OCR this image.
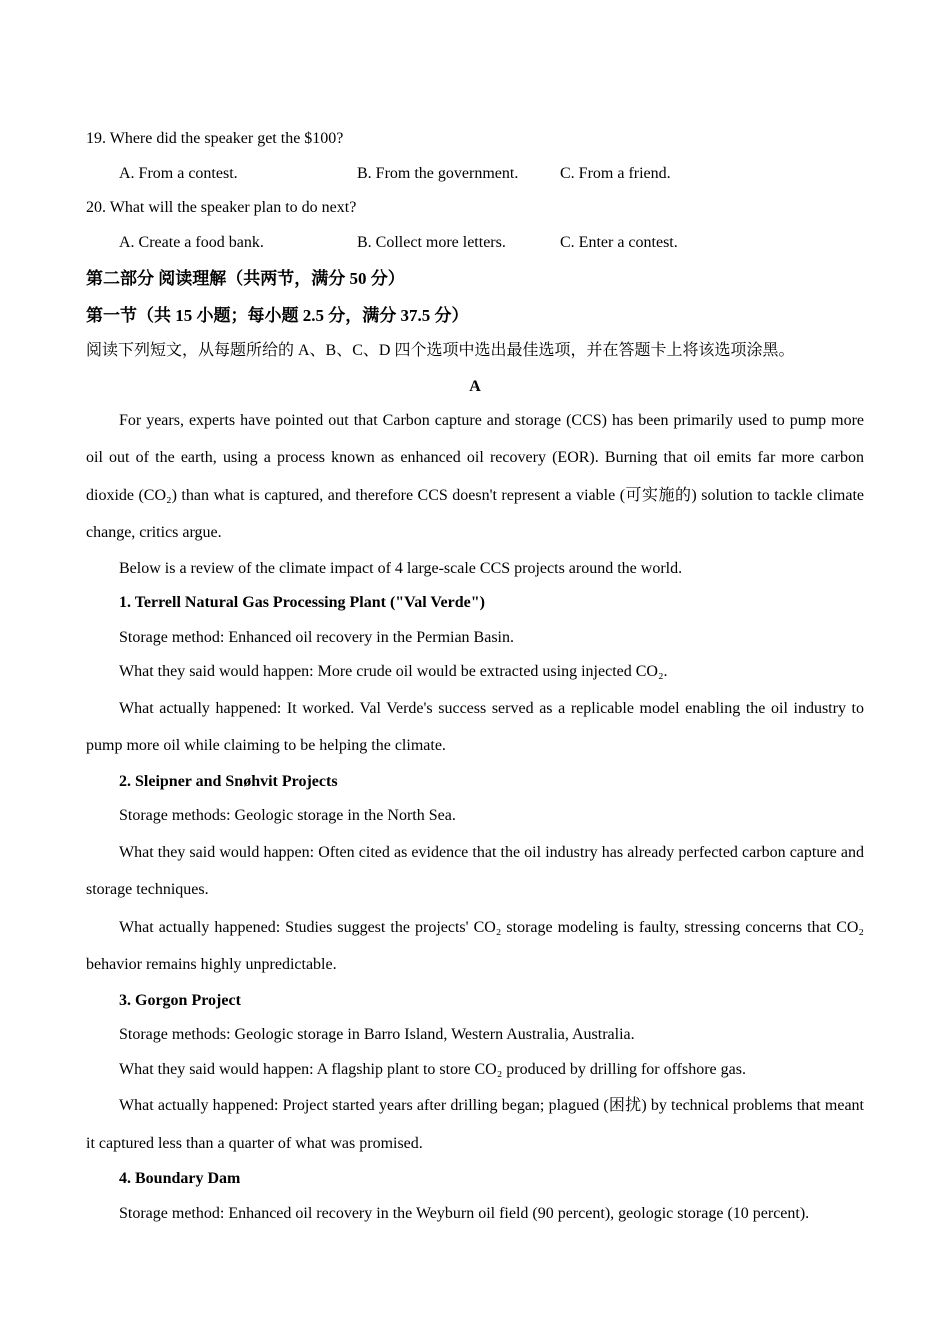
19. Where did the speaker get the $100?

A. From a contest.	B. From the government.	C. From a friend.

20. What will the speaker plan to do next?

A. Create a food bank.	B. Collect more letters.	C. Enter a contest.

第二部分 阅读理解（共两节，满分 50 分）

第一节（共 15 小题；每小题 2.5 分，满分 37.5 分）

阅读下列短文，从每题所给的 A、B、C、D 四个选项中选出最佳选项，并在答题卡上将该选项涂黑。

A

For years, experts have pointed out that Carbon capture and storage (CCS) has been primarily used to pump more oil out of the earth, using a process known as enhanced oil recovery (EOR). Burning that oil emits far more carbon dioxide (CO₂) than what is captured, and therefore CCS doesn't represent a viable (可实施的) solution to tackle climate change, critics argue.

Below is a review of the climate impact of 4 large-scale CCS projects around the world.

1. Terrell Natural Gas Processing Plant ("Val Verde")

Storage method: Enhanced oil recovery in the Permian Basin.

What they said would happen: More crude oil would be extracted using injected CO₂.

What actually happened: It worked. Val Verde's success served as a replicable model enabling the oil industry to pump more oil while claiming to be helping the climate.

2. Sleipner and Snøhvit Projects

Storage methods: Geologic storage in the North Sea.

What they said would happen: Often cited as evidence that the oil industry has already perfected carbon capture and storage techniques.

What actually happened: Studies suggest the projects' CO₂ storage modeling is faulty, stressing concerns that CO₂ behavior remains highly unpredictable.

3. Gorgon Project

Storage methods: Geologic storage in Barro Island, Western Australia, Australia.

What they said would happen: A flagship plant to store CO₂ produced by drilling for offshore gas.

What actually happened: Project started years after drilling began; plagued (困扰) by technical problems that meant it captured less than a quarter of what was promised.

4. Boundary Dam

Storage method: Enhanced oil recovery in the Weyburn oil field (90 percent), geologic storage (10 percent).
